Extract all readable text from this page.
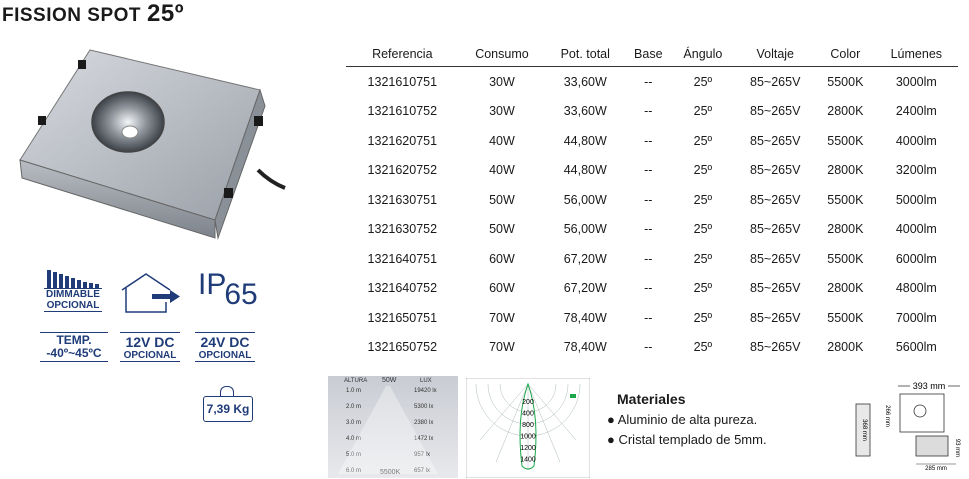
FISSION SPOT 25º
DIMMABLE
OPCIONAL
$IP_{65}$
TEMP.
-40º~45ºC
12V DC
OPCIONAL
24V DC
OPCIONAL
7,39 Kg
Referencia	Consumo	Pot. total	Base	Ángulo	Voltaje	Color	Lúmenes
1321610751	30W	33,60W	--	25º	85~265V	5500K	3000lm
1321610752	30W	33,60W	--	25º	85~265V	2800K	2400lm
1321620751	40W	44,80W	--	25º	85~265V	5500K	4000lm
1321620752	40W	44,80W	--	25º	85~265V	2800K	3200lm
1321630751	50W	56,00W	--	25º	85~265V	5500K	5000lm
1321630752	50W	56,00W	--	25º	85~265V	2800K	4000lm
1321640751	60W	67,20W	--	25º	85~265V	5500K	6000lm
1321640752	60W	67,20W	--	25º	85~265V	2800K	4800lm
1321650751	70W	78,40W	--	25º	85~265V	5500K	7000lm
1321650752	70W	78,40W	--	25º	85~265V	2800K	5600lm
ALTURA 50W	LUX
1.0 m	19420 lx
2.0 m	5300 lx
3.0 m	2380 lx
4.0 m	1472 lx
5.0 m	957 lx
6.0 m	657 lx
5500K
200
400
800
1000
1200
1400
Materiales
● Aluminio de alta pureza.
● Cristal templado de 5mm.
393 mm
266 mm
368 mm
93 mm
285 mm
